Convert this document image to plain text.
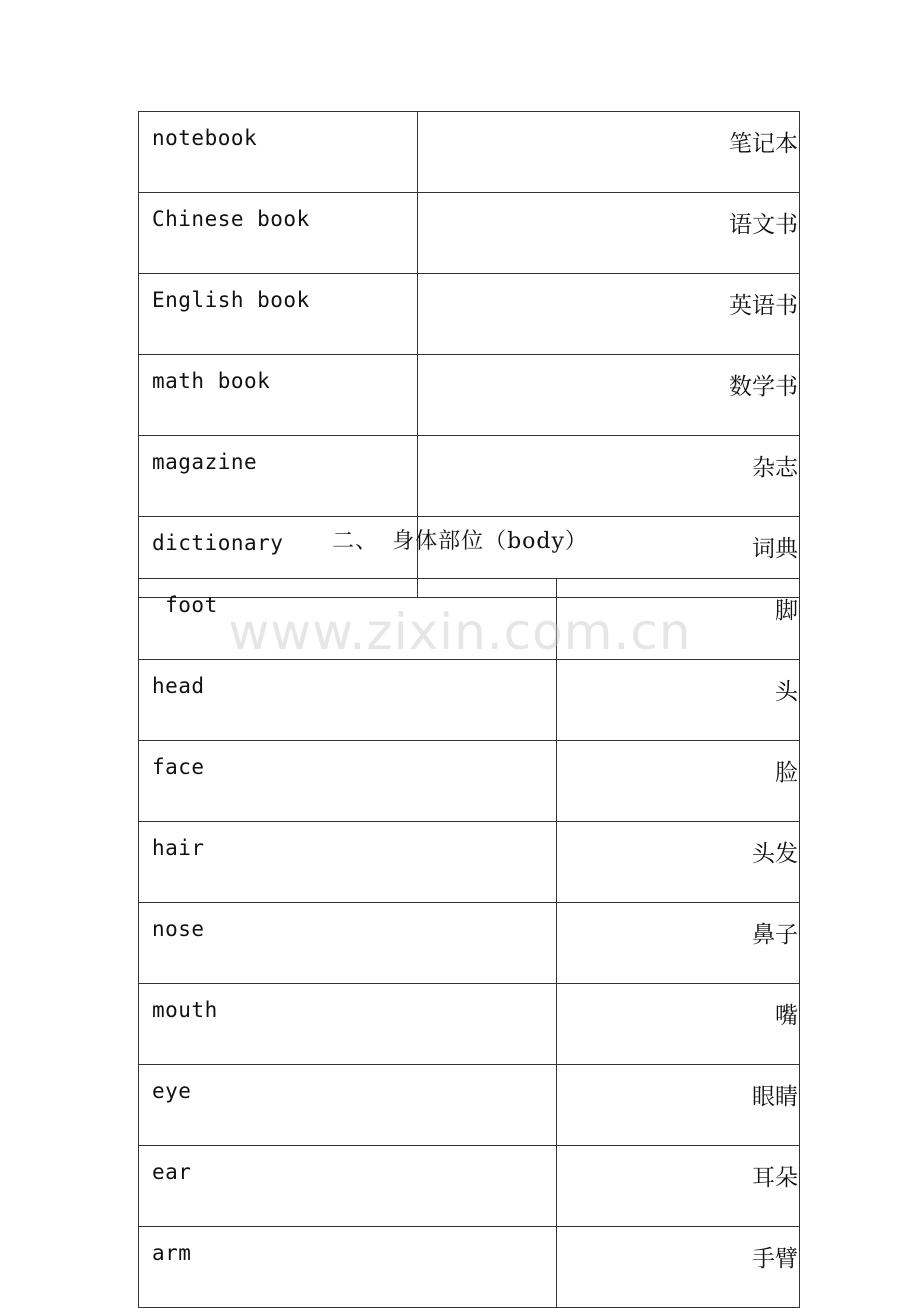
notebook	笔记本
Chinese book	语文书
English book	英语书
math book	数学书
magazine	杂志
dictionary	词典
二、 身体部位（body）
foot	脚
head	头
face	脸
hair	头发
nose	鼻子
mouth	嘴
eye	眼睛
ear	耳朵
arm	手臂
www.zixin.com.cn
